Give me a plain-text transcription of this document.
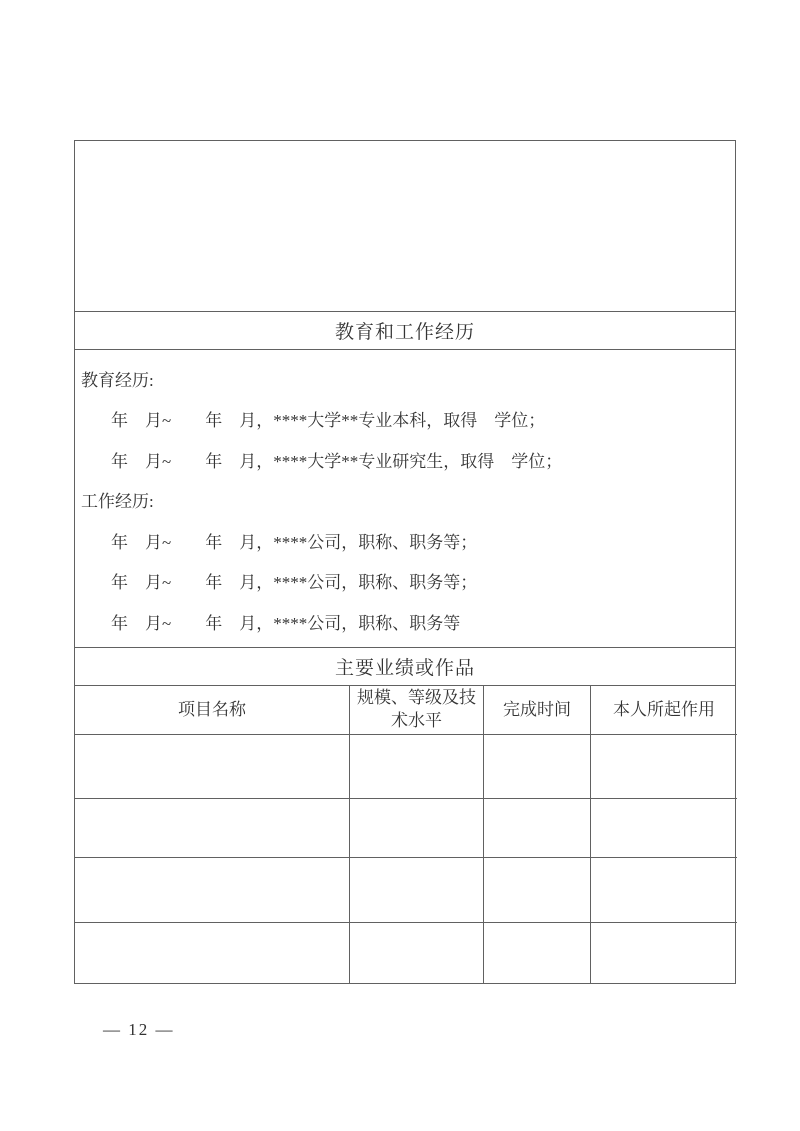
教育和工作经历
教育经历:
年　月~　　年　月，****大学**专业本科，取得　学位；
年　月~　　年　月，****大学**专业研究生，取得　学位；
工作经历:
年　月~　　年　月，****公司，职称、职务等；
年　月~　　年　月，****公司，职称、职务等；
年　月~　　年　月，****公司，职称、职务等
主要业绩或作品
项目名称
规模、等级及技术水平
完成时间	本人所起作用
— 12 —
